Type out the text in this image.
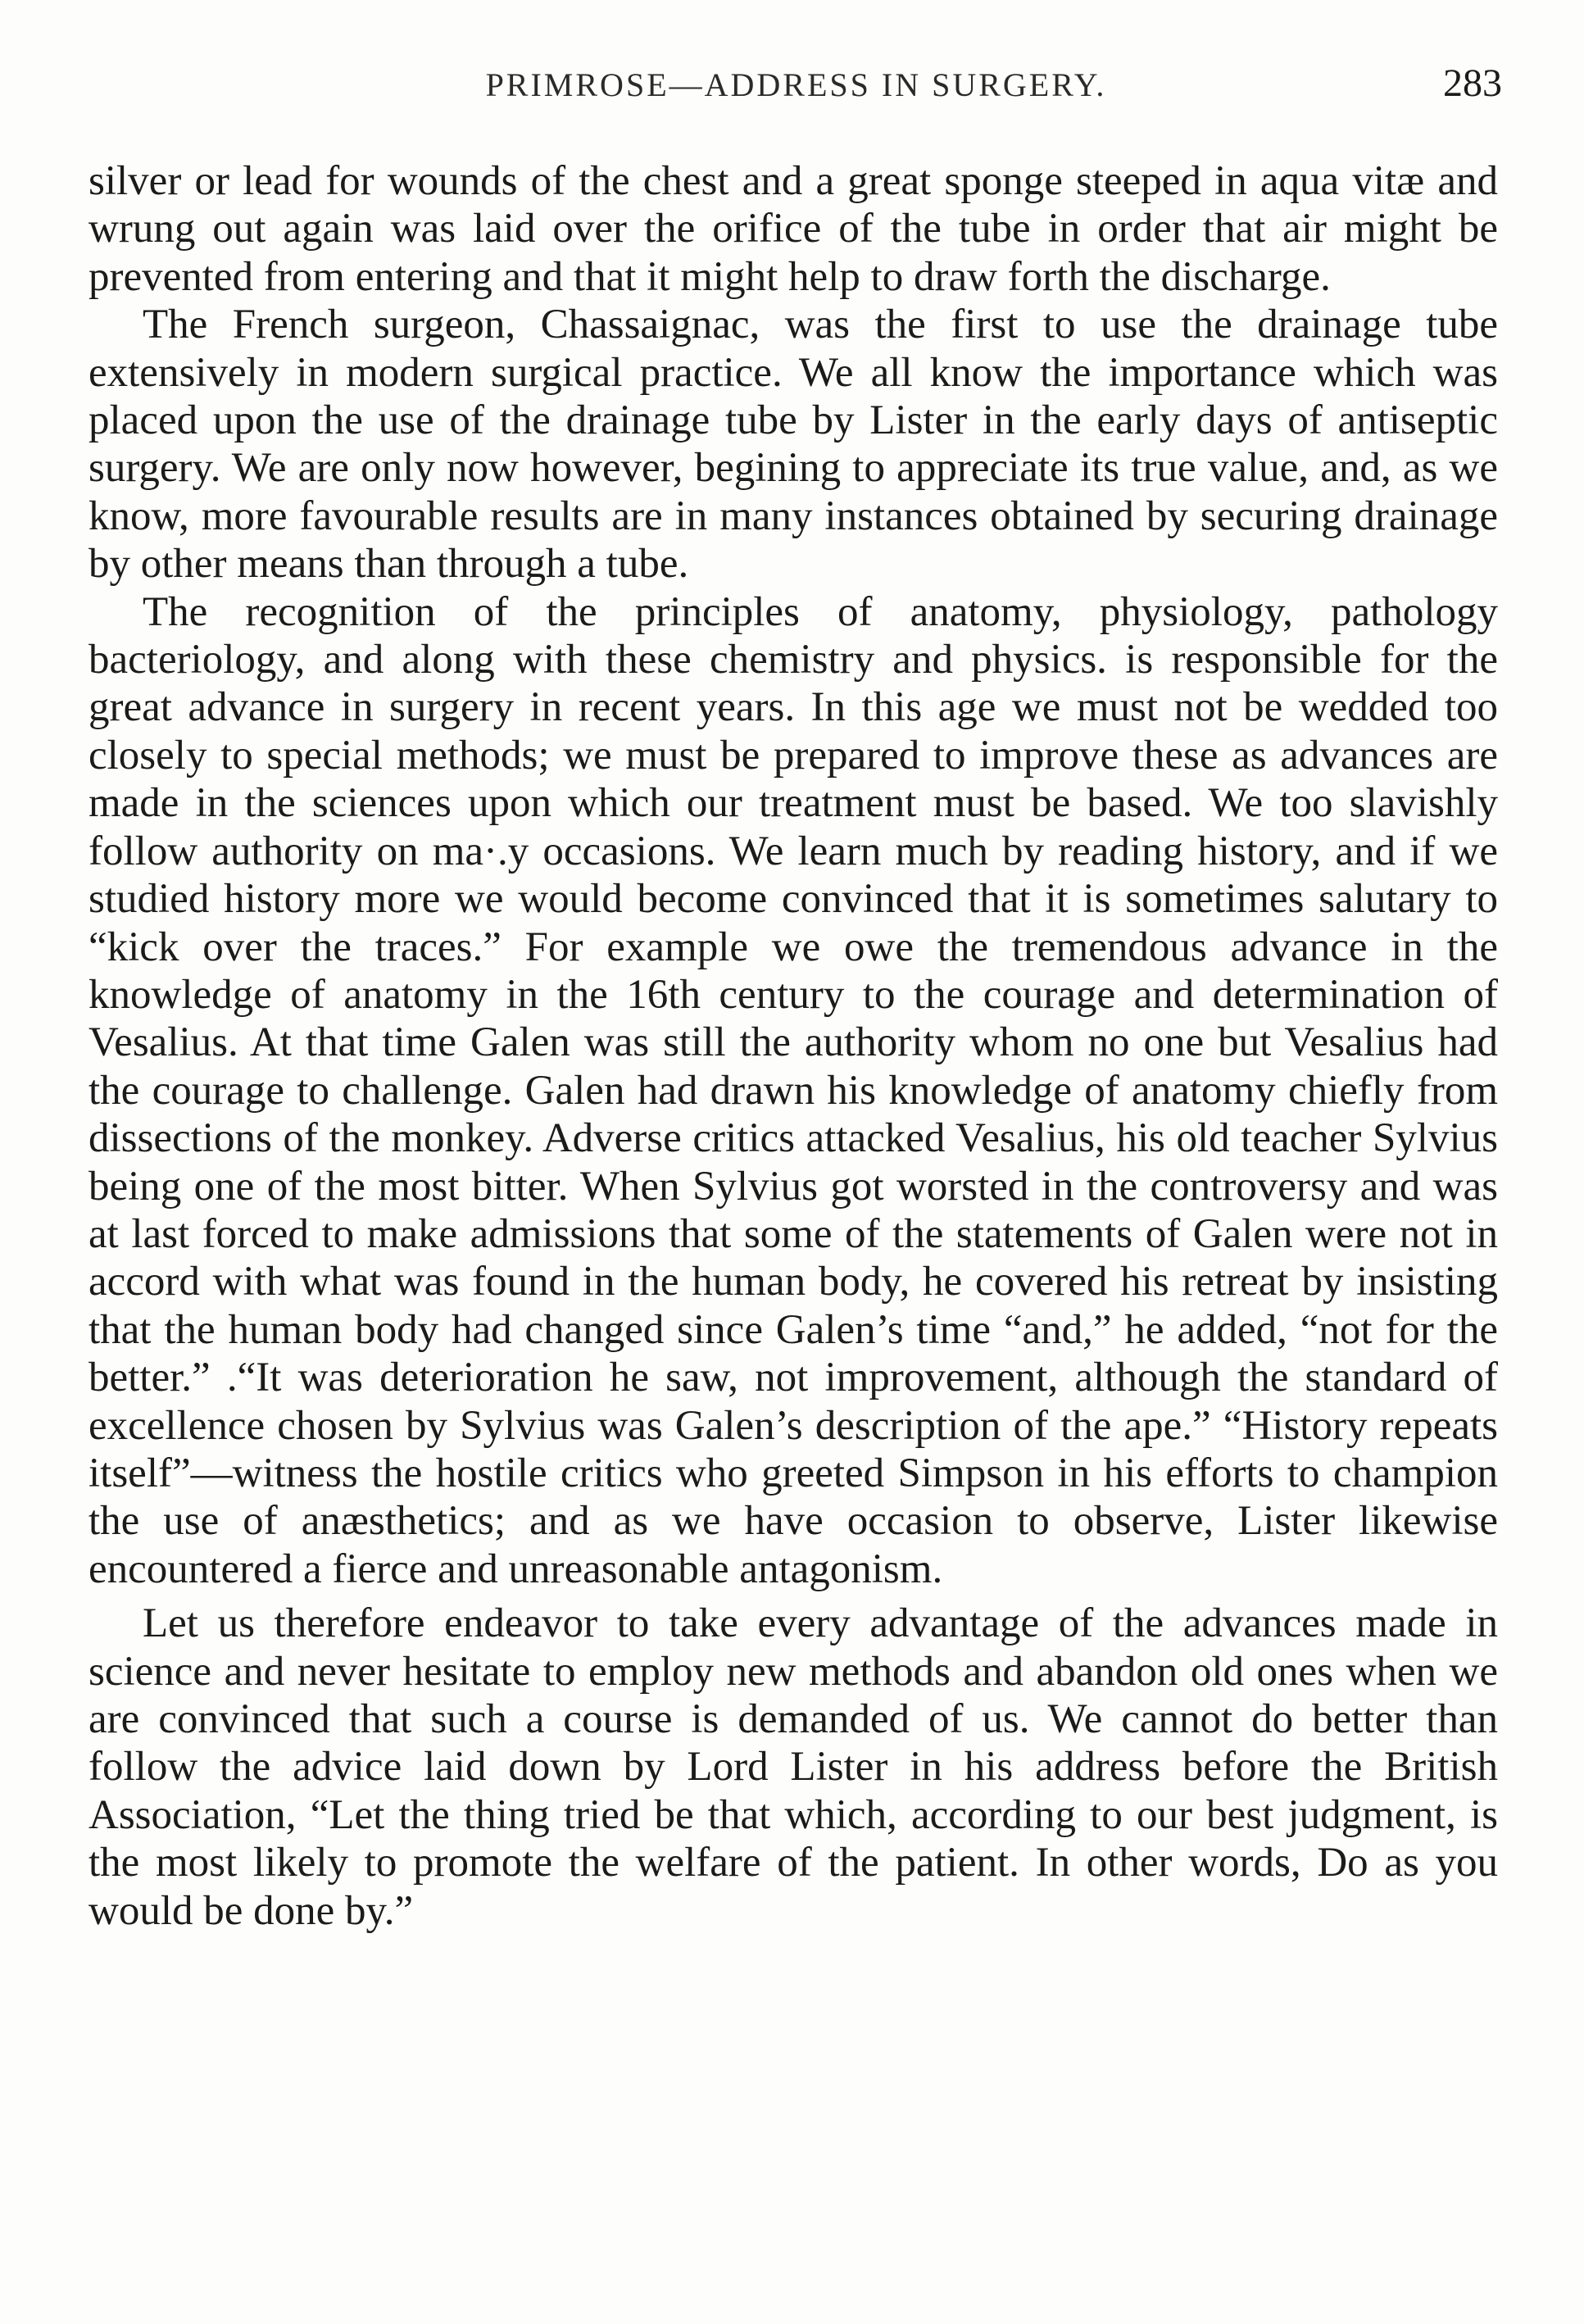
PRIMROSE—ADDRESS IN SURGERY.	283

silver or lead for wounds of the chest and a great sponge steeped in aqua vitæ and wrung out again was laid over the orifice of the tube in order that air might be prevented from entering and that it might help to draw forth the discharge.

The French surgeon, Chassaignac, was the first to use the drainage tube extensively in modern surgical practice. We all know the importance which was placed upon the use of the drainage tube by Lister in the early days of antiseptic surgery. We are only now however, begining to appreciate its true value, and, as we know, more favourable results are in many instances obtained by securing drainage by other means than through a tube.

The recognition of the principles of anatomy, physiology, pathology bacteriology, and along with these chemistry and physics. is responsible for the great advance in surgery in recent years. In this age we must not be wedded too closely to special methods; we must be prepared to improve these as advances are made in the sciences upon which our treatment must be based. We too slavishly follow authority on ma·.y occasions. We learn much by reading history, and if we studied history more we would become convinced that it is sometimes salutary to “kick over the traces.” For example we owe the tremendous advance in the knowledge of anatomy in the 16th century to the courage and determination of Vesalius. At that time Galen was still the authority whom no one but Vesalius had the courage to challenge. Galen had drawn his knowledge of anatomy chiefly from dissections of the monkey. Adverse critics attacked Vesalius, his old teacher Sylvius being one of the most bitter. When Sylvius got worsted in the controversy and was at last forced to make admissions that some of the statements of Galen were not in accord with what was found in the human body, he covered his retreat by insisting that the human body had changed since Galen’s time “and,” he added, “not for the better.” .“It was deterioration he saw, not improvement, although the standard of excellence chosen by Sylvius was Galen’s description of the ape.” “History repeats itself”—witness the hostile critics who greeted Simpson in his efforts to champion the use of anæsthetics; and as we have occasion to observe, Lister likewise encountered a fierce and unreasonable antagonism.

Let us therefore endeavor to take every advantage of the advances made in science and never hesitate to employ new methods and abandon old ones when we are convinced that such a course is demanded of us. We cannot do better than follow the advice laid down by Lord Lister in his address before the British Association, “Let the thing tried be that which, according to our best judgment, is the most likely to promote the welfare of the patient. In other words, Do as you would be done by.”
